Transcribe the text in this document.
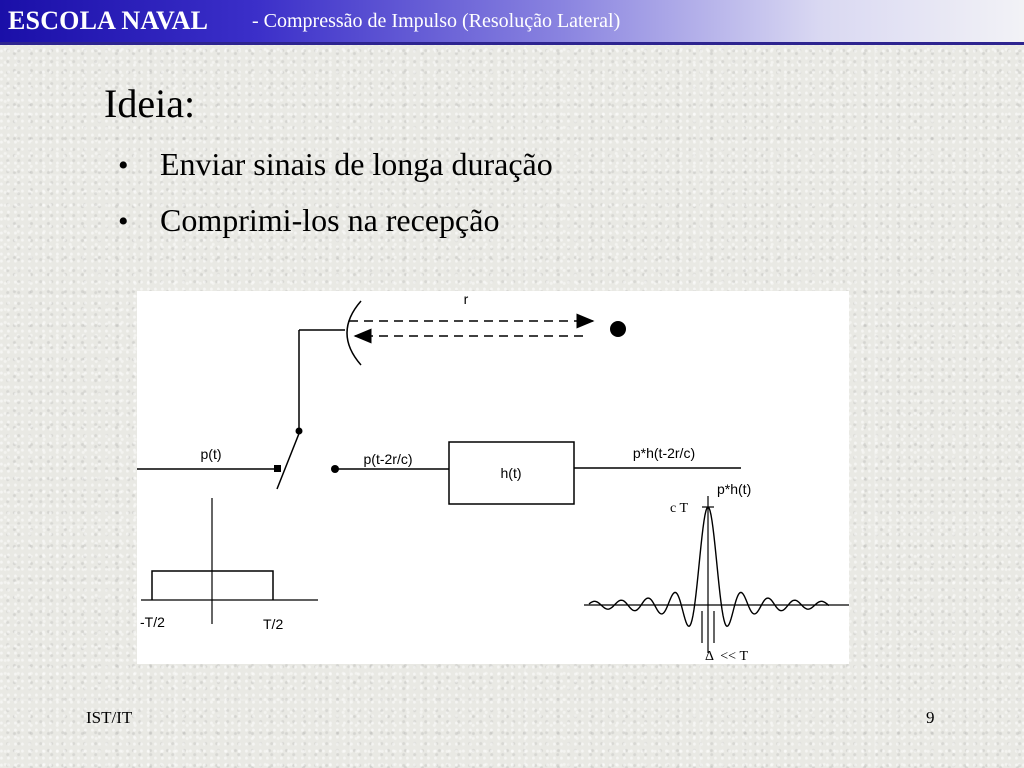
ESCOLA NAVAL - Compressão de Impulso (Resolução Lateral)
Ideia:
• Enviar sinais de longa duração
• Comprimi-los na recepção
r
p(t)	p(t-2r/c)
h(t)
p*h(t-2r/c)
-T/2	T/2
p*h(t)
c T
Δ  << T
IST/IT	9
